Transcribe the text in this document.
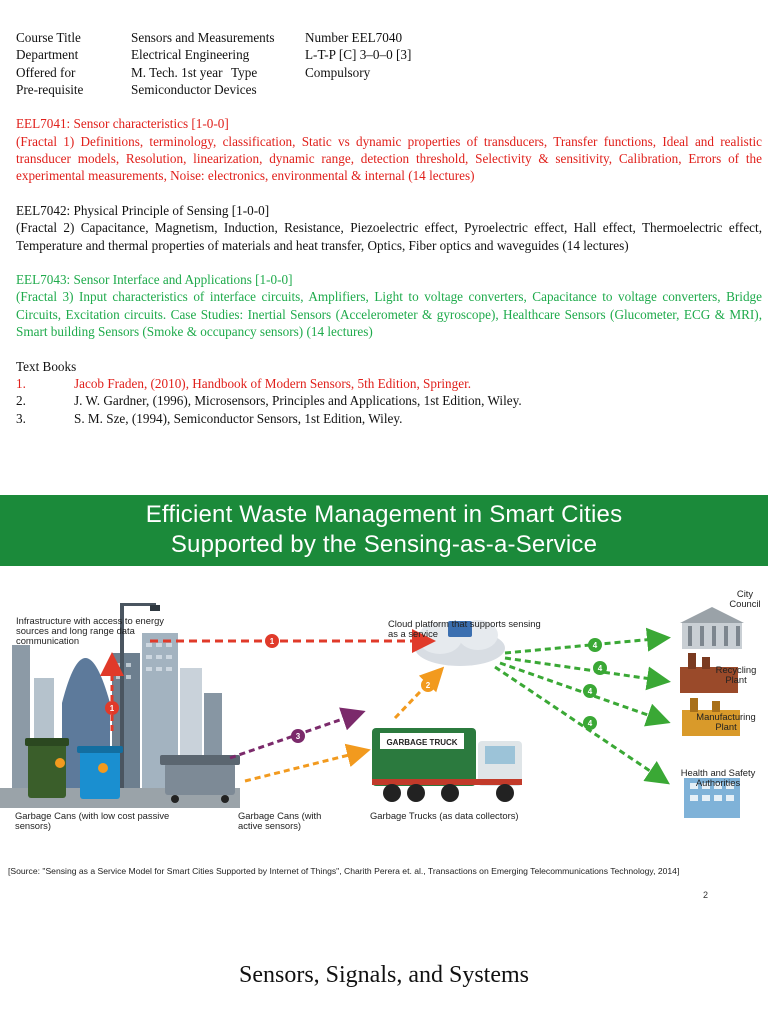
Course Title	Sensors and Measurements Number EEL7040
Department	Electrical Engineering	L-T-P [C] 3–0–0 [3]
Offered for	M. Tech. 1st year Type	Compulsory
Pre-requisite	Semiconductor Devices

EEL7041: Sensor characteristics [1-0-0]

(Fractal 1) Definitions, terminology, classification, Static vs dynamic properties of transducers, Transfer functions, Ideal and realistic transducer models, Resolution, linearization, dynamic range, detection threshold, Selectivity & sensitivity, Calibration, Errors of the experimental measurements, Noise: electronics, environmental & internal (14 lectures)

EEL7042: Physical Principle of Sensing [1-0-0]

(Fractal 2) Capacitance, Magnetism, Induction, Resistance, Piezoelectric effect, Pyroelectric effect, Hall effect, Thermoelectric effect, Temperature and thermal properties of materials and heat transfer, Optics, Fiber optics and waveguides (14 lectures)

EEL7043: Sensor Interface and Applications [1-0-0]

(Fractal 3) Input characteristics of interface circuits, Amplifiers, Light to voltage converters, Capacitance to voltage converters, Bridge Circuits, Excitation circuits. Case Studies: Inertial Sensors (Accelerometer & gyroscope), Healthcare Sensors (Glucometer, ECG & MRI), Smart building Sensors (Smoke & occupancy sensors) (14 lectures)

Text Books

1.	Jacob Fraden, (2010), Handbook of Modern Sensors, 5th Edition, Springer.
2.	J. W. Gardner, (1996), Microsensors, Principles and Applications, 1st Edition, Wiley.
3.	S. M. Sze, (1994), Semiconductor Sensors, 1st Edition, Wiley.
Efficient Waste Management in Smart Cities
Supported by the Sensing-as-a-Service
GARBAGE TRUCK
1
1
2
3
4
4
4
4
Infrastructure with access to energy sources and long range data communication
Cloud platform that supports sensing as a service
City Council
Recycling Plant
Manufacturing Plant
Health and Safety Authorities
Garbage Cans (with low cost passive sensors)
Garbage Cans (with active sensors)
Garbage Trucks (as data collectors)
[Source: "Sensing as a Service Model for Smart Cities Supported by Internet of Things", Charith Perera et. al., Transactions on Emerging Telecommunications Technology, 2014]
2
Sensors, Signals, and Systems
